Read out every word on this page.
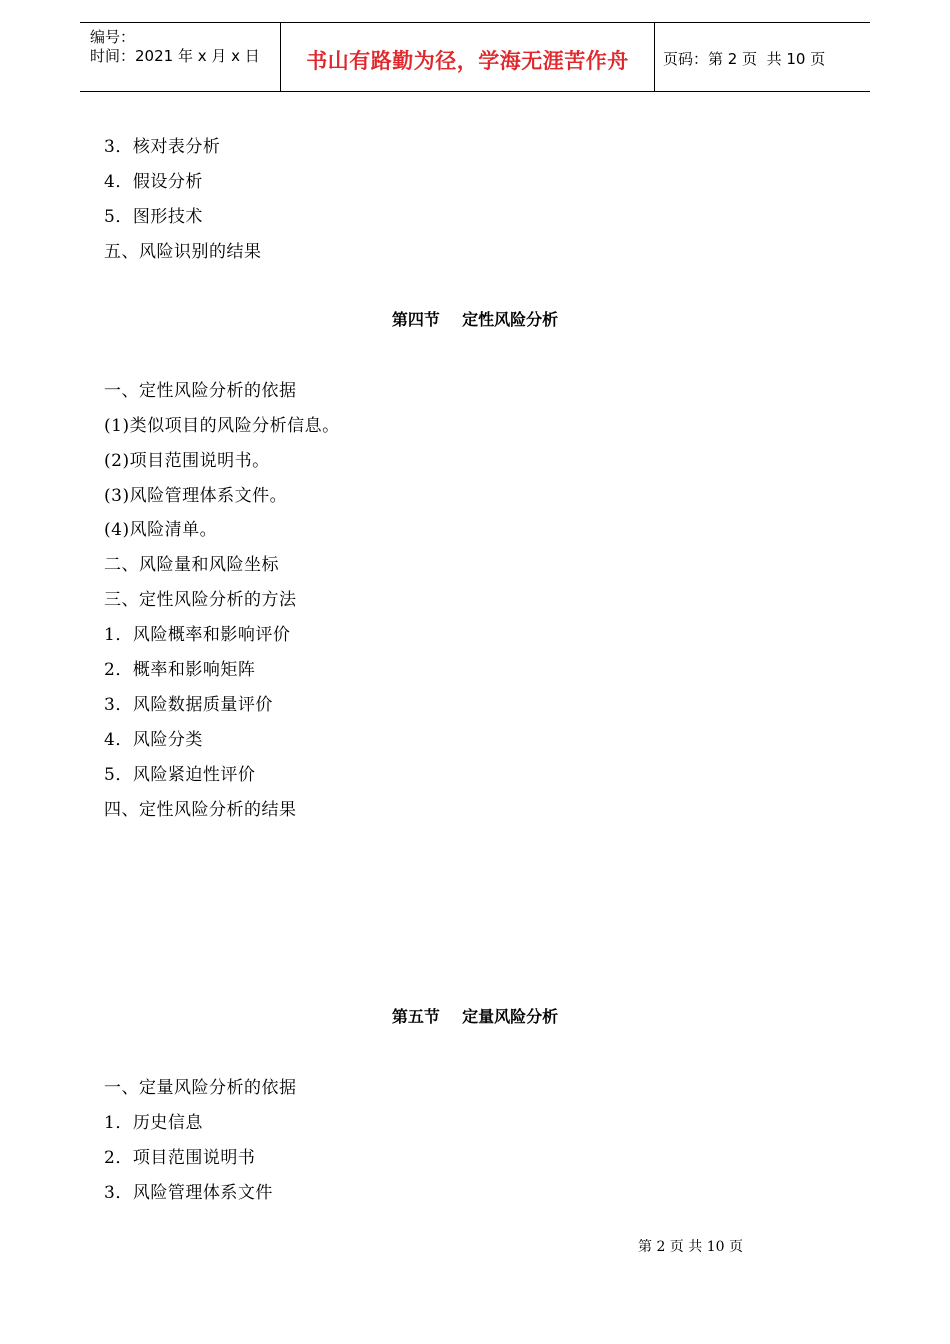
编号：
时间：2021 年 x 月 x 日	书山有路勤为径，学海无涯苦作舟	页码：第 2 页  共 10 页
3．核对表分析
4．假设分析
5．图形技术
五、风险识别的结果
第四节    定性风险分析
一、定性风险分析的依据
(1)类似项目的风险分析信息。
(2)项目范围说明书。
(3)风险管理体系文件。
(4)风险清单。
二、风险量和风险坐标
三、定性风险分析的方法
1．风险概率和影响评价
2．概率和影响矩阵
3．风险数据质量评价
4．风险分类
5．风险紧迫性评价
四、定性风险分析的结果
第五节    定量风险分析
一、定量风险分析的依据
1．历史信息
2．项目范围说明书
3．风险管理体系文件
第 2 页 共 10 页
